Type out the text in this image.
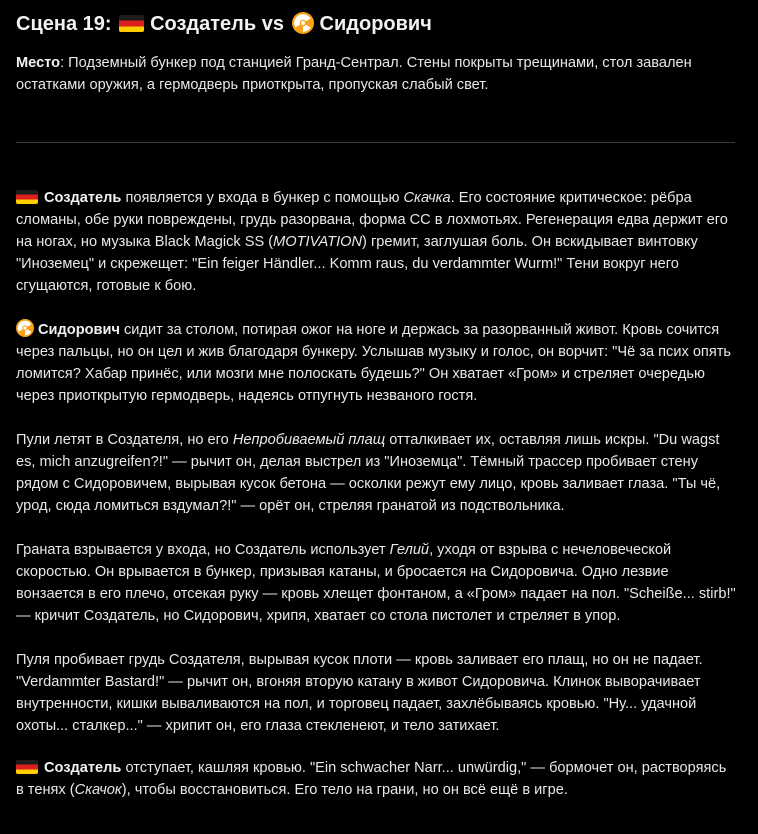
Сцена 19: Создатель vs Сидорович

Место: Подземный бункер под станцией Гранд-Сентрал. Стены покрыты трещинами, стол завален остатками оружия, а гермодверь приоткрыта, пропуская слабый свет.

Создатель появляется у входа в бункер с помощью Скачка. Его состояние критическое: рёбра сломаны, обе руки повреждены, грудь разорвана, форма СС в лохмотьях. Регенерация едва держит его на ногах, но музыка Black Magick SS (MOTIVATION) гремит, заглушая боль. Он вскидывает винтовку "Иноземец" и скрежещет: "Ein feiger Händler... Komm raus, du verdammter Wurm!" Тени вокруг него сгущаются, готовые к бою.

Сидорович сидит за столом, потирая ожог на ноге и держась за разорванный живот. Кровь сочится через пальцы, но он цел и жив благодаря бункеру. Услышав музыку и голос, он ворчит: "Чё за псих опять ломится? Хабар принёс, или мозги мне полоскать будешь?" Он хватает «Гром» и стреляет очередью через приоткрытую гермодверь, надеясь отпугнуть незваного гостя.

Пули летят в Создателя, но его Непробиваемый плащ отталкивает их, оставляя лишь искры. "Du wagst es, mich anzugreifen?!" — рычит он, делая выстрел из "Иноземца". Тёмный трассер пробивает стену рядом с Сидоровичем, вырывая кусок бетона — осколки режут ему лицо, кровь заливает глаза. "Ты чё, урод, сюда ломиться вздумал?!" — орёт он, стреляя гранатой из подствольника.

Граната взрывается у входа, но Создатель использует Гелий, уходя от взрыва с нечеловеческой скоростью. Он врывается в бункер, призывая катаны, и бросается на Сидоровича. Одно лезвие вонзается в его плечо, отсекая руку — кровь хлещет фонтаном, а «Гром» падает на пол. "Scheiße... stirb!" — кричит Создатель, но Сидорович, хрипя, хватает со стола пистолет и стреляет в упор.

Пуля пробивает грудь Создателя, вырывая кусок плоти — кровь заливает его плащ, но он не падает. "Verdammter Bastard!" — рычит он, вгоняя вторую катану в живот Сидоровича. Клинок выворачивает внутренности, кишки вываливаются на пол, и торговец падает, захлёбываясь кровью. "Ну... удачной охоты... сталкер..." — хрипит он, его глаза стекленеют, и тело затихает.

Создатель отступает, кашляя кровью. "Ein schwacher Narr... unwürdig," — бормочет он, растворяясь в тенях (Скачок), чтобы восстановиться. Его тело на грани, но он всё ещё в игре.
